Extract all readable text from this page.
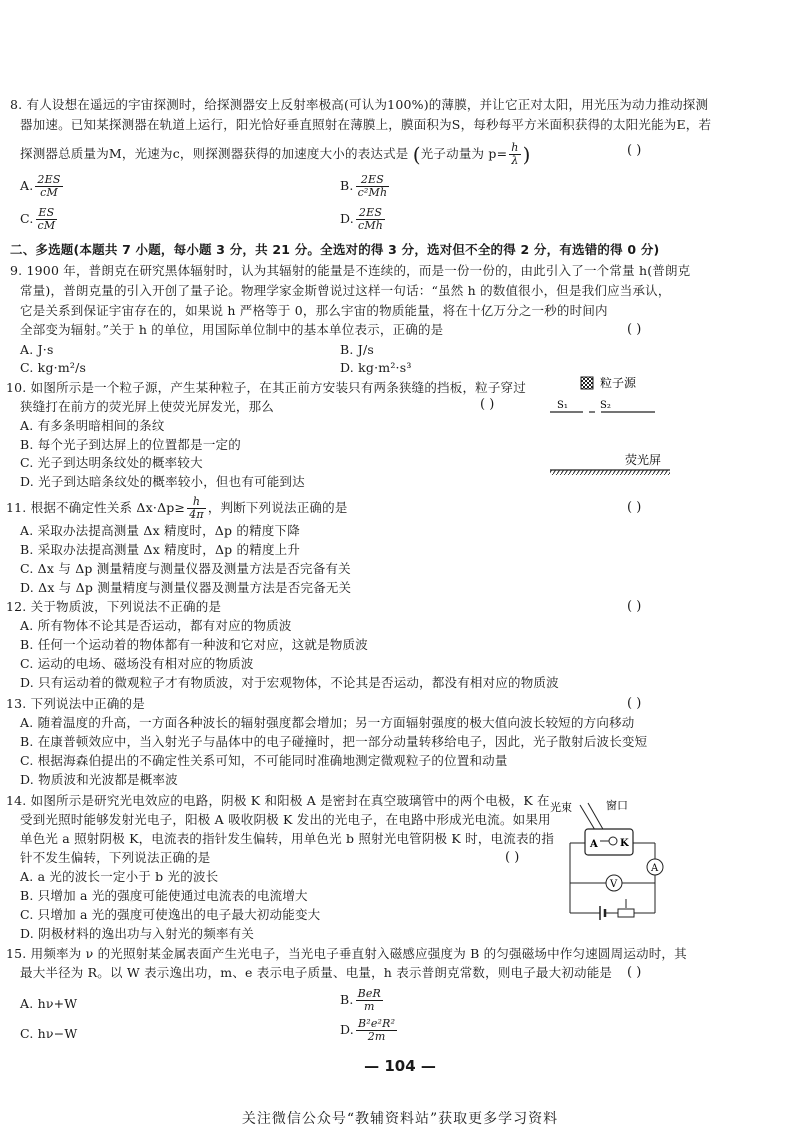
8. 有人设想在遥远的宇宙探测时，给探测器安上反射率极高(可认为100%)的薄膜，并让它正对太阳，用光压为动力推动探测
器加速。已知某探测器在轨道上运行，阳光恰好垂直照射在薄膜上，膜面积为S，每秒每平方米面积获得的太阳光能为E，若
探测器总质量为M，光速为c，则探测器获得的加速度大小的表达式是 (光子动量为 $p= \frac{h}{\lambda}$ )	( )
A. $\frac{2ES}{cM}$	B. $\frac{2ES}{\text{c²Mh}}$
C. $\frac{ES}{cM}$	D. $\frac{2ES}{\text{cMh}}$
二、多选题(本题共 7 小题，每小题 3 分，共 21 分。全选对的得 3 分，选对但不全的得 2 分，有选错的得 0 分)
9. 1900 年，普朗克在研究黑体辐射时，认为其辐射的能量是不连续的，而是一份一份的，由此引入了一个常量 h(普朗克
常量)，普朗克量的引入开创了量子论。物理学家金斯曾说过这样一句话：“虽然 h 的数值很小，但是我们应当承认，
它是关系到保证宇宙存在的，如果说 h 严格等于 0，那么宇宙的物质能量，将在十亿万分之一秒的时间内
全部变为辐射。”关于 h 的单位，用国际单位制中的基本单位表示，正确的是	( )
A. J·s	B. J/s
C. kg·m²/s	D. kg·m²·s³
10. 如图所示是一个粒子源，产生某种粒子，在其正前方安装只有两条狭缝的挡板，粒子穿过
狭缝打在前方的荧光屏上使荧光屏发光，那么	( )
A. 有多条明暗相间的条纹
B. 每个光子到达屏上的位置都是一定的
C. 光子到达明条纹处的概率较大
D. 光子到达暗条纹处的概率较小，但也有可能到达
粒子源
S₁	S₂
荧光屏
11. 根据不确定性关系 $\Delta x\cdot\Delta p\ge \frac{h}{4\pi}$ ，判断下列说法正确的是	( )
A. 采取办法提高测量 Δx 精度时，Δp 的精度下降
B. 采取办法提高测量 Δx 精度时，Δp 的精度上升
C. Δx 与 Δp 测量精度与测量仪器及测量方法是否完备有关
D. Δx 与 Δp 测量精度与测量仪器及测量方法是否完备无关
12. 关于物质波，下列说法不正确的是	( )
A. 所有物体不论其是否运动，都有对应的物质波
B. 任何一个运动着的物体都有一种波和它对应，这就是物质波
C. 运动的电场、磁场没有相对应的物质波
D. 只有运动着的微观粒子才有物质波，对于宏观物体，不论其是否运动，都没有相对应的物质波
13. 下列说法中正确的是	( )
A. 随着温度的升高，一方面各种波长的辐射强度都会增加；另一方面辐射强度的极大值向波长较短的方向移动
B. 在康普顿效应中，当入射光子与晶体中的电子碰撞时，把一部分动量转移给电子，因此，光子散射后波长变短
C. 根据海森伯提出的不确定性关系可知，不可能同时准确地测定微观粒子的位置和动量
D. 物质波和光波都是概率波
14. 如图所示是研究光电效应的电路，阴极 K 和阳极 A 是密封在真空玻璃管中的两个电极，K 在
受到光照时能够发射光电子，阳极 A 吸收阴极 K 发出的光电子，在电路中形成光电流。如果用
单色光 a 照射阴极 K，电流表的指针发生偏转，用单色光 b 照射光电管阴极 K 时，电流表的指
针不发生偏转，下列说法正确的是	( )
A. a 光的波长一定小于 b 光的波长
B. 只增加 a 光的强度可能使通过电流表的电流增大
C. 只增加 a 光的强度可使逸出的电子最大初动能变大
D. 阴极材料的逸出功与入射光的频率有关
光束	窗口
A K
A
V
15. 用频率为 ν 的光照射某金属表面产生光电子，当光电子垂直射入磁感应强度为 B 的匀强磁场中作匀速圆周运动时，其
最大半径为 R。以 W 表示逸出功，m、e 表示电子质量、电量，h 表示普朗克常数，则电子最大初动能是 ( )
A. hν+W	B. $\frac{\text{BeR}}{m}$
C. hν−W	D. $\frac{\text{B²e²R²}}{2m}$
— 104 —
关注微信公众号“教辅资料站”获取更多学习资料
